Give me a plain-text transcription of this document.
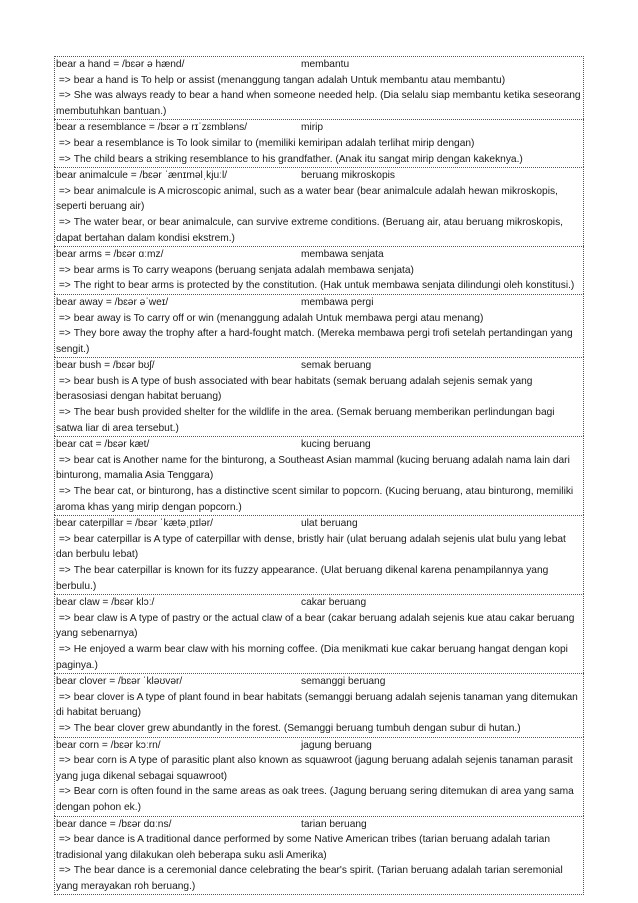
bear a hand = /bɛər ə hænd/	membantu
=> bear a hand is To help or assist (menanggung tangan adalah Untuk membantu atau membantu)
=> She was always ready to bear a hand when someone needed help. (Dia selalu siap membantu ketika seseorang membutuhkan bantuan.)
bear a resemblance = /bɛər ə rɪˈzɛmbləns/	mirip
=> bear a resemblance is To look similar to (memiliki kemiripan adalah terlihat mirip dengan)
=> The child bears a striking resemblance to his grandfather. (Anak itu sangat mirip dengan kakeknya.)
bear animalcule = /bɛər ˈænɪməlˌkjuːl/	beruang mikroskopis
=> bear animalcule is A microscopic animal, such as a water bear (bear animalcule adalah hewan mikroskopis, seperti beruang air)
=> The water bear, or bear animalcule, can survive extreme conditions. (Beruang air, atau beruang mikroskopis, dapat bertahan dalam kondisi ekstrem.)
bear arms = /bɛər ɑːmz/	membawa senjata
=> bear arms is To carry weapons (beruang senjata adalah membawa senjata)
=> The right to bear arms is protected by the constitution. (Hak untuk membawa senjata dilindungi oleh konstitusi.)
bear away = /bɛər əˈweɪ/	membawa pergi
=> bear away is To carry off or win (menanggung adalah Untuk membawa pergi atau menang)
=> They bore away the trophy after a hard-fought match. (Mereka membawa pergi trofi setelah pertandingan yang sengit.)
bear bush = /bɛər bʊʃ/	semak beruang
=> bear bush is A type of bush associated with bear habitats (semak beruang adalah sejenis semak yang berasosiasi dengan habitat beruang)
=> The bear bush provided shelter for the wildlife in the area. (Semak beruang memberikan perlindungan bagi satwa liar di area tersebut.)
bear cat = /bɛər kæt/	kucing beruang
=> bear cat is Another name for the binturong, a Southeast Asian mammal (kucing beruang adalah nama lain dari binturong, mamalia Asia Tenggara)
=> The bear cat, or binturong, has a distinctive scent similar to popcorn. (Kucing beruang, atau binturong, memiliki aroma khas yang mirip dengan popcorn.)
bear caterpillar = /bɛər ˈkætəˌpɪlər/	ulat beruang
=> bear caterpillar is A type of caterpillar with dense, bristly hair (ulat beruang adalah sejenis ulat bulu yang lebat dan berbulu lebat)
=> The bear caterpillar is known for its fuzzy appearance. (Ulat beruang dikenal karena penampilannya yang berbulu.)
bear claw = /bɛər klɔː/	cakar beruang
=> bear claw is A type of pastry or the actual claw of a bear (cakar beruang adalah sejenis kue atau cakar beruang yang sebenarnya)
=> He enjoyed a warm bear claw with his morning coffee. (Dia menikmati kue cakar beruang hangat dengan kopi paginya.)
bear clover = /bɛər ˈkləʊvər/	semanggi beruang
=> bear clover is A type of plant found in bear habitats (semanggi beruang adalah sejenis tanaman yang ditemukan di habitat beruang)
=> The bear clover grew abundantly in the forest. (Semanggi beruang tumbuh dengan subur di hutan.)
bear corn = /bɛər kɔːrn/	jagung beruang
=> bear corn is A type of parasitic plant also known as squawroot (jagung beruang adalah sejenis tanaman parasit yang juga dikenal sebagai squawroot)
=> Bear corn is often found in the same areas as oak trees. (Jagung beruang sering ditemukan di area yang sama dengan pohon ek.)
bear dance = /bɛər dɑːns/	tarian beruang
=> bear dance is A traditional dance performed by some Native American tribes (tarian beruang adalah tarian tradisional yang dilakukan oleh beberapa suku asli Amerika)
=> The bear dance is a ceremonial dance celebrating the bear's spirit. (Tarian beruang adalah tarian seremonial yang merayakan roh beruang.)
